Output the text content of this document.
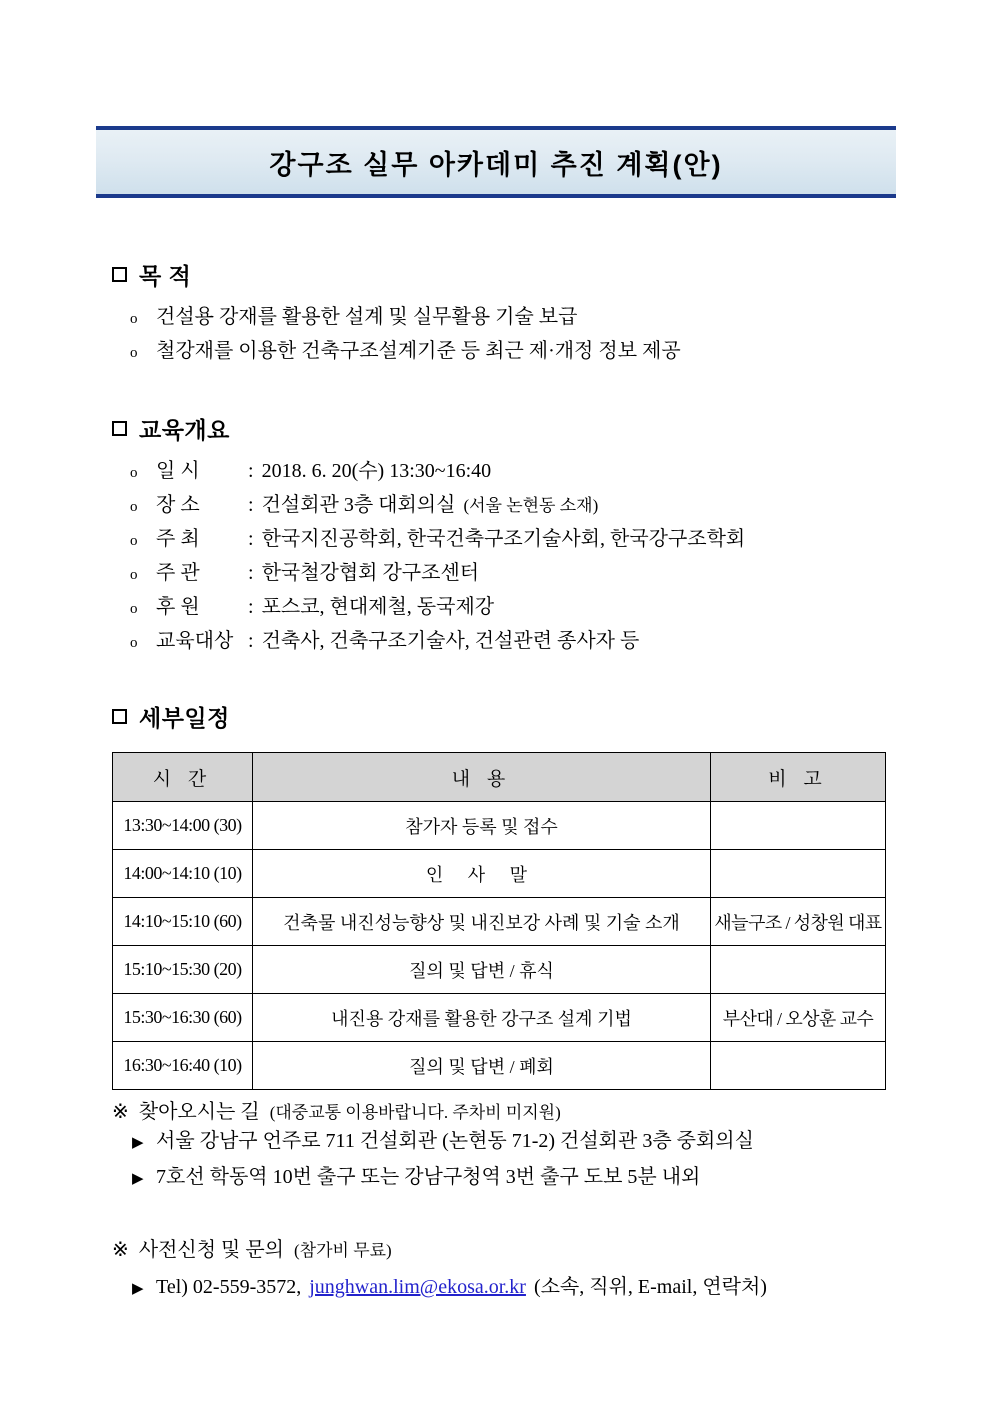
강구조 실무 아카데미 추진 계획(안)
목 적
o 건설용 강재를 활용한 설계 및 실무활용 기술 보급
o 철강재를 이용한 건축구조설계기준 등 최근 제·개정 정보 제공
교육개요
o 일 시	: 2018. 6. 20(수) 13:30~16:40
o 장 소	: 건설회관 3층 대회의실 (서울 논현동 소재)
o 주 최	: 한국지진공학회, 한국건축구조기술사회, 한국강구조학회
o 주 관	: 한국철강협회 강구조센터
o 후 원	: 포스코, 현대제철, 동국제강
o 교육대상 : 건축사, 건축구조기술사, 건설관련 종사자 등
세부일정
시 간	내 용	비 고
13:30~14:00 (30)	참가자 등록 및 접수	
14:00~14:10 (10)	인 사 말	
14:10~15:10 (60)	건축물 내진성능향상 및 내진보강 사례 및 기술 소개	새늘구조 / 성창원 대표
15:10~15:30 (20)	질의 및 답변 / 휴식	
15:30~16:30 (60)	내진용 강재를 활용한 강구조 설계 기법	부산대 / 오상훈 교수
16:30~16:40 (10)	질의 및 답변 / 폐회	
※ 찾아오시는 길 (대중교통 이용바랍니다. 주차비 미지원)
▶ 서울 강남구 언주로 711 건설회관 (논현동 71-2) 건설회관 3층 중회의실
▶ 7호선 학동역 10번 출구 또는 강남구청역 3번 출구 도보 5분 내외
※ 사전신청 및 문의 (참가비 무료)
▶ Tel) 02-559-3572, junghwan.lim@ekosa.or.kr (소속, 직위, E-mail, 연락처)
